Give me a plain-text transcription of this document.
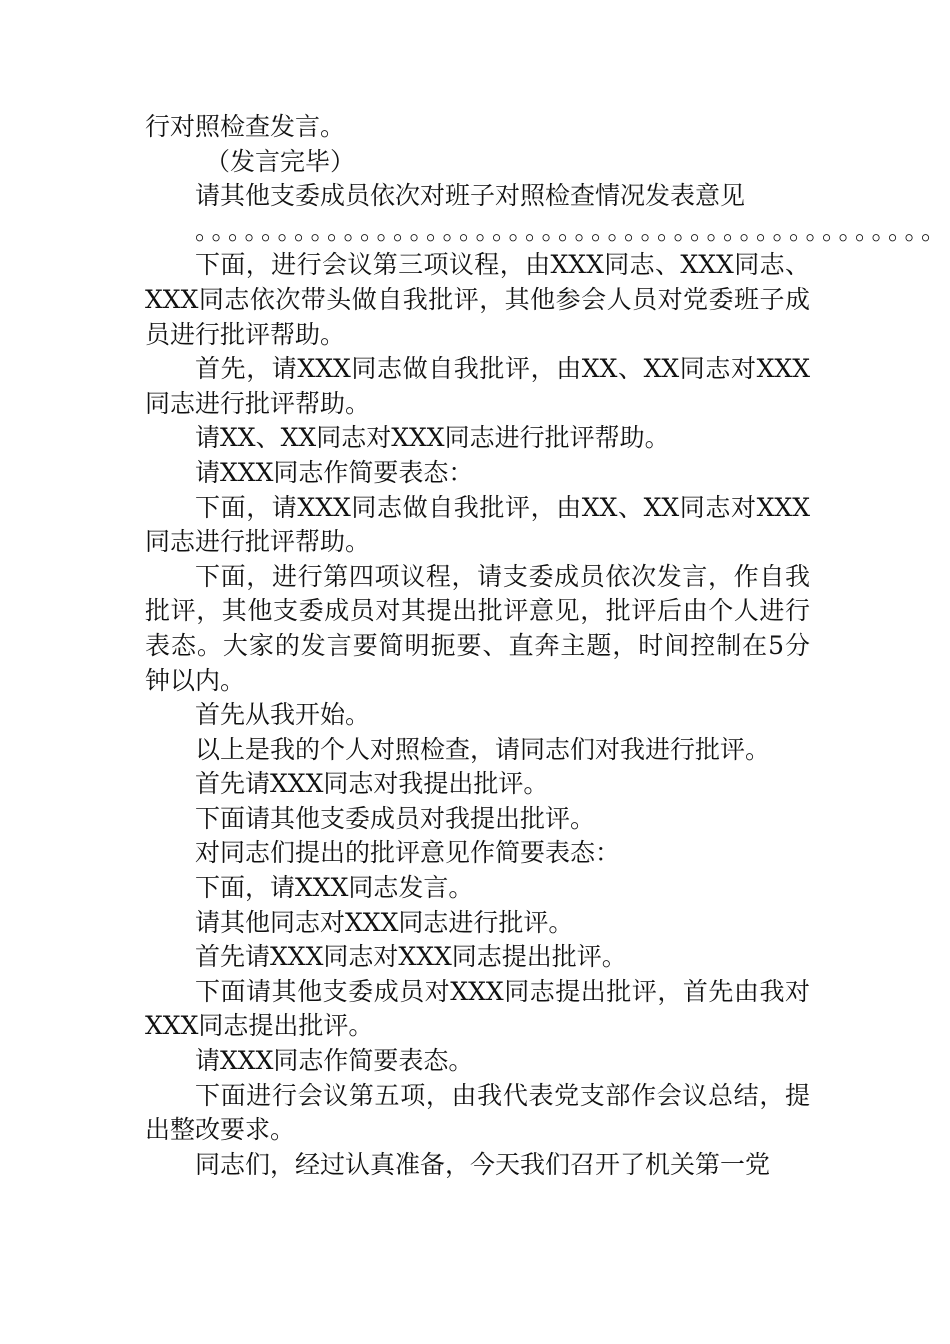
行对照检查发言。

（发言完毕）

请其他支委成员依次对班子对照检查情况发表意见

。。。。。。。。。。。。。。。。。。。。。。。。。。。。。。。。。。。。。。。。。。。。。

下面，进行会议第三项议程，由XXX同志、XXX同志、XXX同志依次带头做自我批评，其他参会人员对党委班子成员进行批评帮助。

首先，请XXX同志做自我批评，由XX、XX同志对XXX同志进行批评帮助。

请XX、XX同志对XXX同志进行批评帮助。

请XXX同志作简要表态：

下面，请XXX同志做自我批评，由XX、XX同志对XXX同志进行批评帮助。

下面，进行第四项议程，请支委成员依次发言，作自我批评，其他支委成员对其提出批评意见，批评后由个人进行表态。大家的发言要简明扼要、直奔主题，时间控制在5分钟以内。

首先从我开始。

以上是我的个人对照检查，请同志们对我进行批评。

首先请XXX同志对我提出批评。

下面请其他支委成员对我提出批评。

对同志们提出的批评意见作简要表态：

下面，请XXX同志发言。

请其他同志对XXX同志进行批评。

首先请XXX同志对XXX同志提出批评。

下面请其他支委成员对XXX同志提出批评，首先由我对XXX同志提出批评。

请XXX同志作简要表态。

下面进行会议第五项，由我代表党支部作会议总结，提出整改要求。

同志们，经过认真准备，今天我们召开了机关第一党
